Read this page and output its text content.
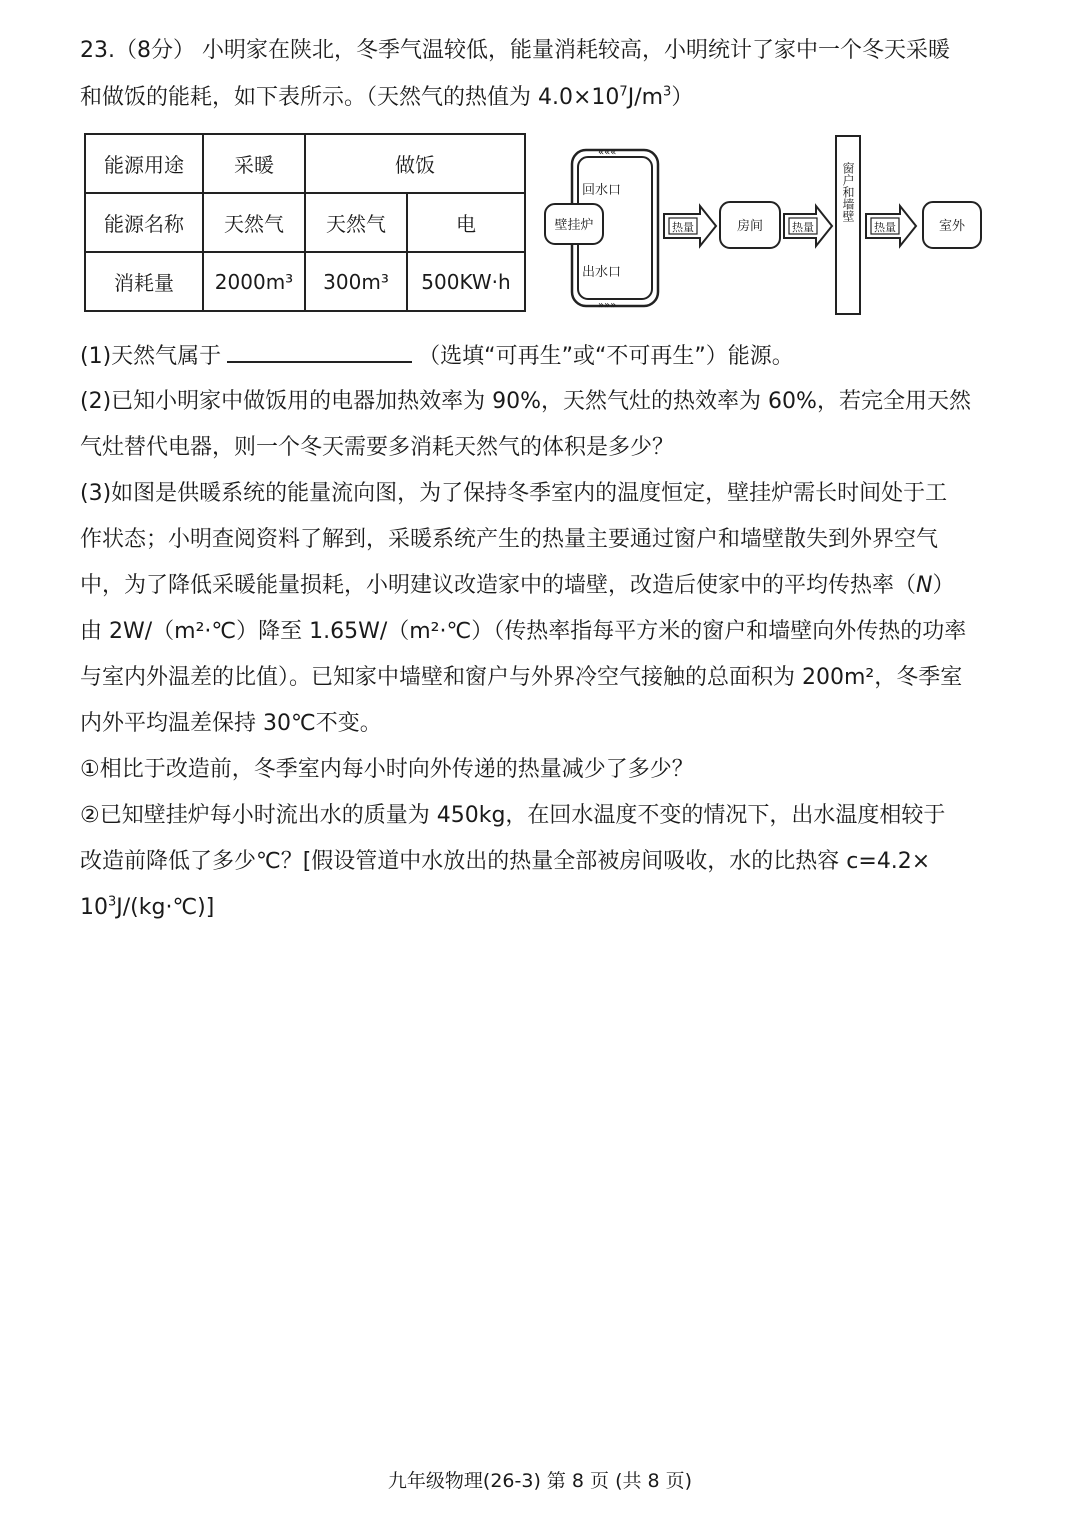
23.（8分） 小明家在陕北，冬季气温较低，能量消耗较高，小明统计了家中一个冬天采暖
和做饭的能耗，如下表所示。（天然气的热值为 $4.0\times 10^7J/m^3$）
能源用途	采暖	做饭	
能源名称	天然气	天然气	电
消耗量	2000m³	300m³	500KW·h
«««
»»»
回水口
出水口
壁挂炉	热量	房间	热量
窗户和墙壁
热量	室外
(1)天然气属于	（选填“可再生”或“不可再生”）能源。
(2)已知小明家中做饭用的电器加热效率为 90%，天然气灶的热效率为 60%，若完全用天然
气灶替代电器，则一个冬天需要多消耗天然气的体积是多少？
(3)如图是供暖系统的能量流向图，为了保持冬季室内的温度恒定，壁挂炉需长时间处于工
作状态；小明查阅资料了解到，采暖系统产生的热量主要通过窗户和墙壁散失到外界空气
中，为了降低采暖能量损耗，小明建议改造家中的墙壁，改造后使家中的平均传热率（N）
由 2W/（m²·℃）降至 1.65W/（m²·℃）（传热率指每平方米的窗户和墙壁向外传热的功率
与室内外温差的比值）。已知家中墙壁和窗户与外界冷空气接触的总面积为 200m²，冬季室
内外平均温差保持 30℃不变。
①相比于改造前，冬季室内每小时向外传递的热量减少了多少？
②已知壁挂炉每小时流出水的质量为 450kg，在回水温度不变的情况下，出水温度相较于
改造前降低了多少℃？[假设管道中水放出的热量全部被房间吸收，水的比热容 c=4.2×
$10^3J/(kg\cdot℃)$]
九年级物理(26-3) 第 8 页 (共 8 页)
